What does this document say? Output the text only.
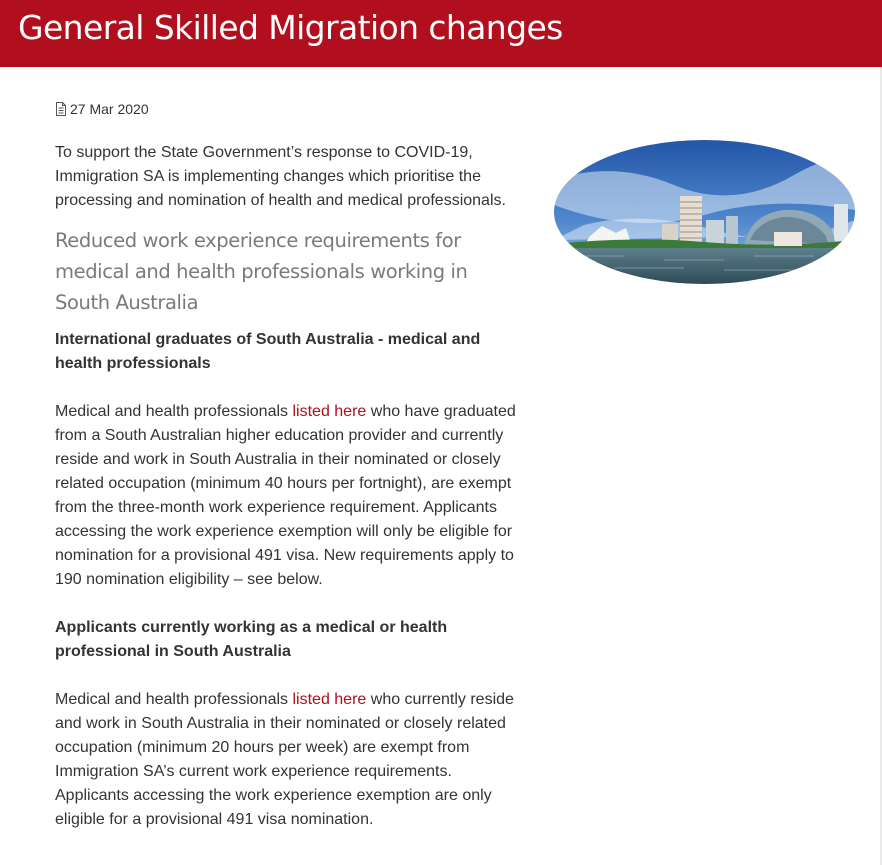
General Skilled Migration changes
27 Mar 2020

To support the State Government’s response to COVID-19, Immigration SA is implementing changes which prioritise the processing and nomination of health and medical professionals.

Reduced work experience requirements for medical and health professionals working in South Australia

International graduates of South Australia - medical and health professionals

Medical and health professionals listed here who have graduated from a South Australian higher education provider and currently reside and work in South Australia in their nominated or closely related occupation (minimum 40 hours per fortnight), are exempt from the three-month work experience requirement. Applicants accessing the work experience exemption will only be eligible for nomination for a provisional 491 visa. New requirements apply to 190 nomination eligibility – see below.

Applicants currently working as a medical or health professional in South Australia

Medical and health professionals listed here who currently reside and work in South Australia in their nominated or closely related occupation (minimum 20 hours per week) are exempt from Immigration SA’s current work experience requirements. Applicants accessing the work experience exemption are only eligible for a provisional 491 visa nomination.
